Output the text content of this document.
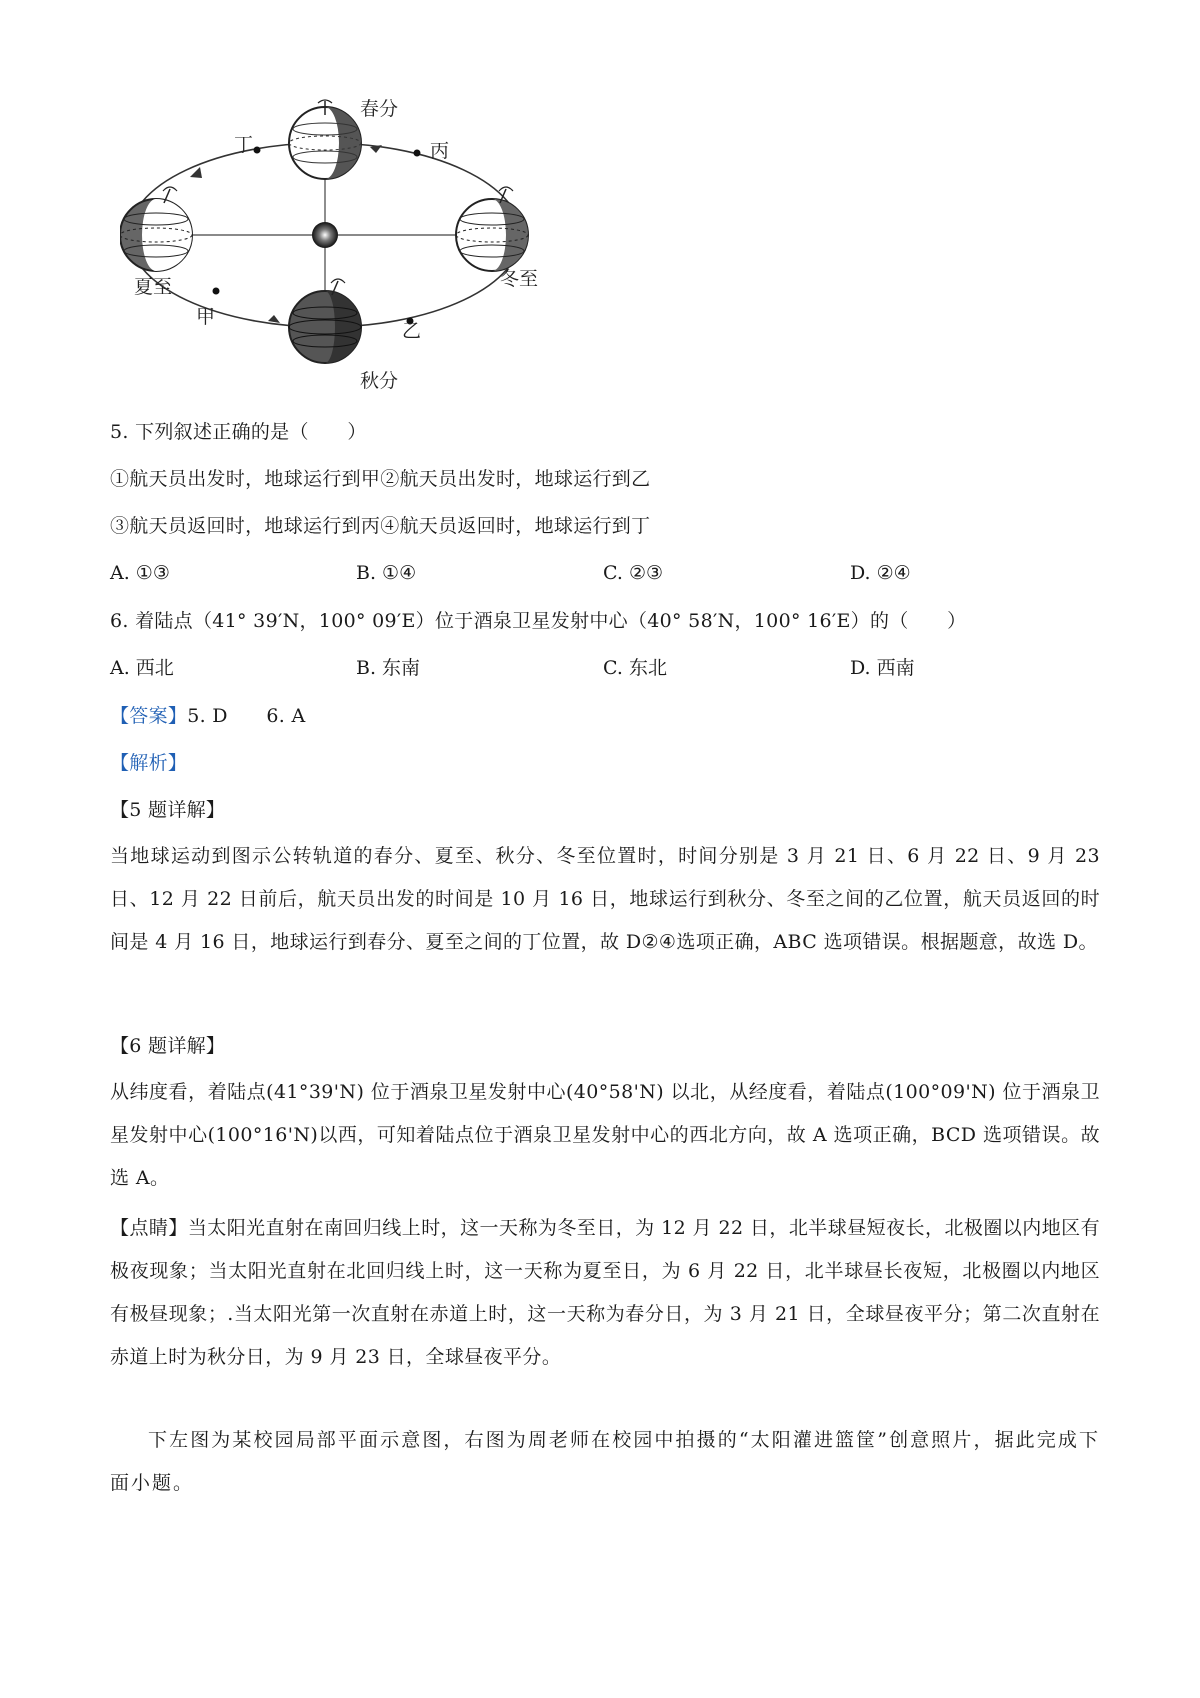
春分
夏至
秋分
冬至
丁	丙
甲
乙
5. 下列叙述正确的是（　　）
①航天员出发时，地球运行到甲②航天员出发时，地球运行到乙
③航天员返回时，地球运行到丙④航天员返回时，地球运行到丁
A. ①③	B. ①④	C. ②③	D. ②④
6. 着陆点（41° 39′N，100° 09′E）位于酒泉卫星发射中心（40° 58′N，100° 16′E）的（　　）
A. 西北	B. 东南	C. 东北	D. 西南
【答案】5. D　　6. A
【解析】
【5 题详解】
当地球运动到图示公转轨道的春分、夏至、秋分、冬至位置时，时间分别是 3 月 21 日、6 月 22 日、9 月 23 日、12 月 22 日前后，航天员出发的时间是 10 月 16 日，地球运行到秋分、冬至之间的乙位置，航天员返回的时间是 4 月 16 日，地球运行到春分、夏至之间的丁位置，故 D②④选项正确，ABC 选项错误。根据题意，故选 D。
【6 题详解】
从纬度看，着陆点(41°39'N) 位于酒泉卫星发射中心(40°58'N) 以北，从经度看，着陆点(100°09'N) 位于酒泉卫星发射中心(100°16'N)以西，可知着陆点位于酒泉卫星发射中心的西北方向，故 A 选项正确，BCD 选项错误。故选 A。
【点睛】当太阳光直射在南回归线上时，这一天称为冬至日，为 12 月 22 日，北半球昼短夜长，北极圈以内地区有极夜现象；当太阳光直射在北回归线上时，这一天称为夏至日，为 6 月 22 日，北半球昼长夜短，北极圈以内地区有极昼现象；.当太阳光第一次直射在赤道上时，这一天称为春分日，为 3 月 21 日，全球昼夜平分；第二次直射在赤道上时为秋分日，为 9 月 23 日，全球昼夜平分。
下左图为某校园局部平面示意图，右图为周老师在校园中拍摄的“太阳灌进篮筐”创意照片，据此完成下面小题。
